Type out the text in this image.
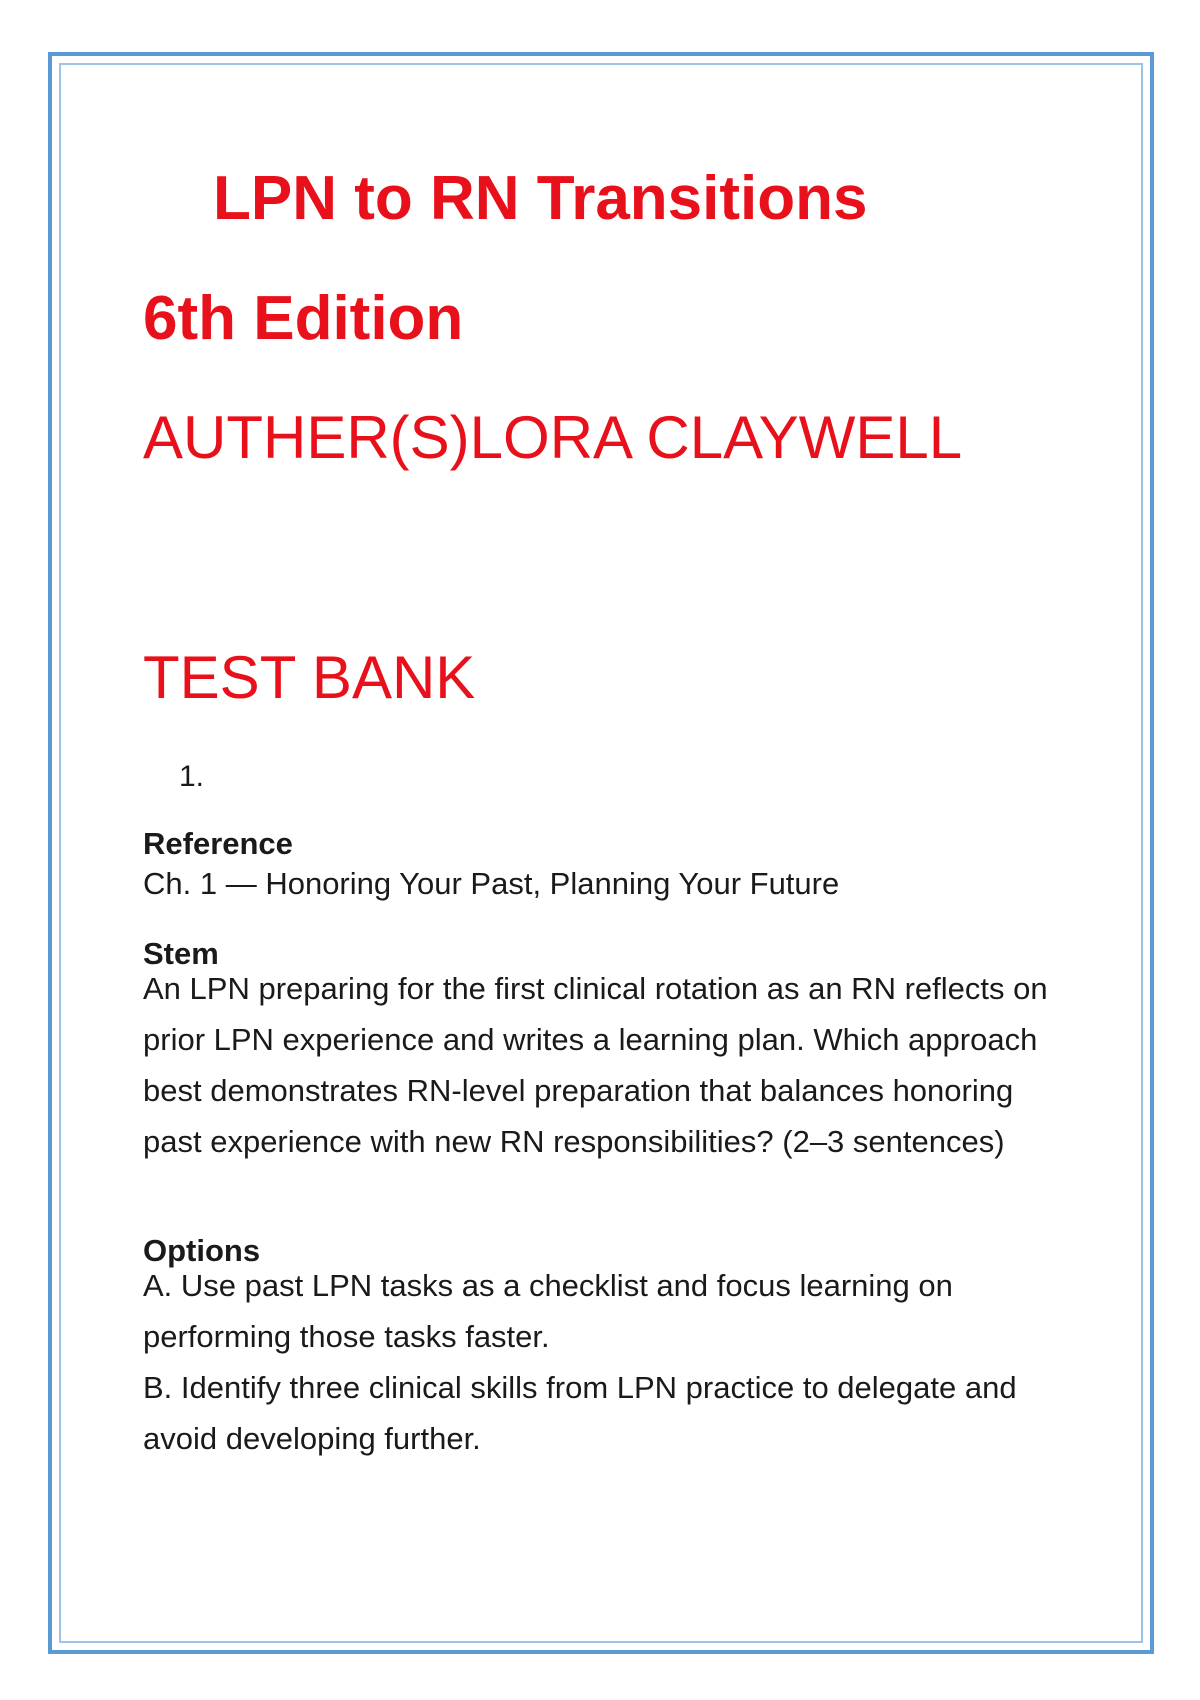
LPN to RN Transitions
6th Edition
AUTHER(S)LORA CLAYWELL
TEST BANK
1.
Reference

Ch. 1 — Honoring Your Past, Planning Your Future

Stem

An LPN preparing for the first clinical rotation as an RN reflects on prior LPN experience and writes a learning plan. Which approach best demonstrates RN-level preparation that balances honoring past experience with new RN responsibilities? (2–3 sentences)

Options
A. Use past LPN tasks as a checklist and focus learning on performing those tasks faster.
B. Identify three clinical skills from LPN practice to delegate and avoid developing further.
